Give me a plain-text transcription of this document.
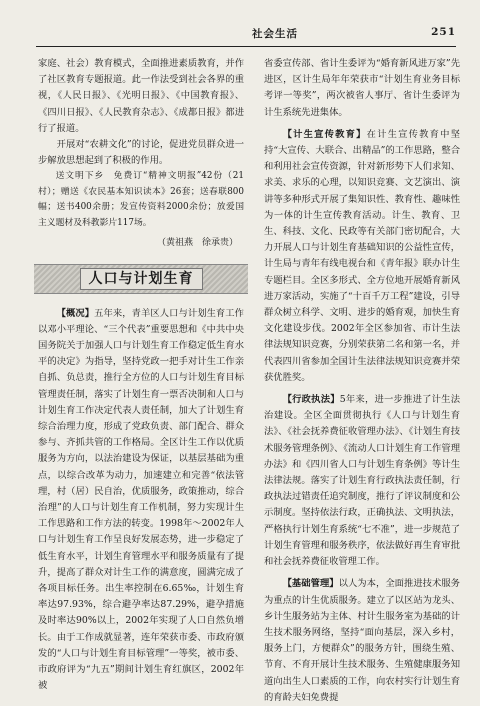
社会生活	251

家庭、社会）教育模式，全面推进素质教育，并作了社区教育专题报道。此一作法受到社会各界的重视，《人民日报》、《光明日报》、《中国教育报》、《四川日报》、《人民教育杂志》、《成都日报》都进行了报道。

开展对“农耕文化”的讨论，促进党员群众进一步解放思想起到了积极的作用。

送文明下乡　免费订“精神文明报”42份（21村）；赠送《农民基本知识读本》26套；送春联800幅；送书400余册；发宣传资料2000余份；放爱国主义题材及科教影片117场。

（黄祖燕　徐承贵）
人口与计划生育

【概况】五年来，青羊区人口与计划生育工作以邓小平理论、“三个代表”重要思想和《中共中央国务院关于加强人口与计划生育工作稳定低生育水平的决定》为指导，坚持党政一把手对计生工作亲自抓、负总责，推行全方位的人口与计划生育目标管理责任制，落实了计划生育一票否决制和人口与计划生育工作决定代表人责任制，加大了计划生育综合治理力度，形成了党政负责、部门配合、群众参与、齐抓共管的工作格局。全区计生工作以优质服务为方向，以法治建设为保证，以基层基础为重点，以综合改革为动力，加速建立和完善“依法管理，村（居）民自治，优质服务，政策推动，综合治理”的人口与计划生育工作机制，努力实现计生工作思路和工作方法的转变。1998年～2002年人口与计划生育工作呈良好发展态势，进一步稳定了低生育水平，计划生育管理水平和服务质量有了提升，提高了群众对计生工作的满意度，圆满完成了各项目标任务。出生率控制在6.65‰，计划生育率达97.93%，综合避孕率达87.29%，避孕措施及时率达90%以上，2002年实现了人口自然负增长。由于工作成就显著，连年荣获市委、市政府颁发的“人口与计划生育目标管理”一等奖，被市委、市政府评为“九五”期间计划生育红旗区，2002年被

省委宣传部、省计生委评为“婚育新风进万家”先进区，区计生局年年荣获市“计划生育业务目标考评一等奖”，两次被省人事厅、省计生委评为计生系统先进集体。

【计生宣传教育】在计生宣传教育中坚持“大宣传、大联合、出精品”的工作思路，整合和利用社会宣传资源，针对新形势下人们求知、求美、求乐的心理，以知识竞赛、文艺演出、演讲等多种形式开展了集知识性、教育性、趣味性为一体的计生宣传教育活动。计生、教育、卫生、科技、文化、民政等有关部门密切配合，大力开展人口与计划生育基础知识的公益性宣传，计生局与青年有线电视台和《青年报》联办计生专题栏目。全区多形式、全方位地开展婚育新风进万家活动，实施了“十百千万工程”建设，引导群众树立科学、文明、进步的婚育观，加快生育文化建设步伐。2002年全区参加省、市计生法律法规知识竞赛，分别荣获第二名和第一名，并代表四川省参加全国计生法律法规知识竞赛并荣获优胜奖。

【行政执法】5年来，进一步推进了计生法治建设。全区全面贯彻执行《人口与计划生育法》、《社会抚养费征收管理办法》、《计划生育技术服务管理条例》、《流动人口计划生育工作管理办法》和《四川省人口与计划生育条例》等计生法律法规。落实了计划生育行政执法责任制，行政执法过错责任追究制度，推行了评议制度和公示制度。坚持依法行政，正确执法、文明执法，严格执行计划生育系统“七不准”，进一步规范了计划生育管理和服务秩序，依法做好再生育审批和社会抚养费征收管理工作。

【基础管理】以人为本，全面推进技术服务为重点的计生优质服务。建立了以区站为龙头、乡计生服务站为主体、村计生服务室为基础的计生技术服务网络，坚持“面向基层，深入乡村，服务上门，方便群众”的服务方针，围绕生殖、节育、不育开展计生技术服务、生殖健康服务知道向出生人口素质的工作，向农村实行计划生育的育龄夫妇免费提
